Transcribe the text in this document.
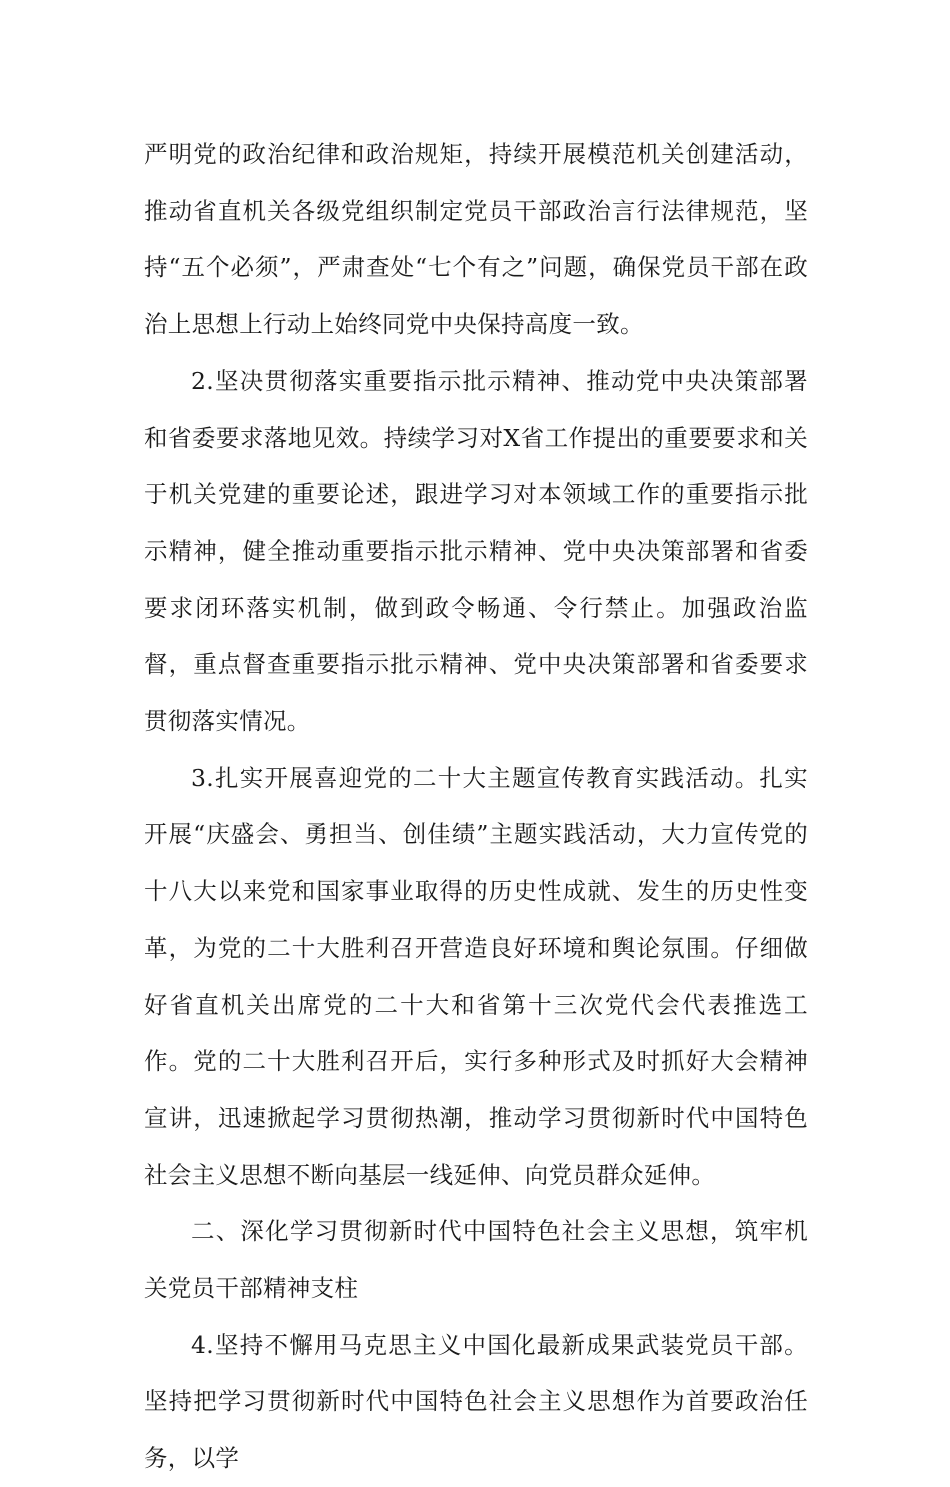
严明党的政治纪律和政治规矩，持续开展模范机关创建活动，推动省直机关各级党组织制定党员干部政治言行法律规范，坚持“五个必须”，严肃查处“七个有之”问题，确保党员干部在政治上思想上行动上始终同党中央保持高度一致。

2.坚决贯彻落实重要指示批示精神、推动党中央决策部署和省委要求落地见效。持续学习对X省工作提出的重要要求和关于机关党建的重要论述，跟进学习对本领域工作的重要指示批示精神，健全推动重要指示批示精神、党中央决策部署和省委要求闭环落实机制，做到政令畅通、令行禁止。加强政治监督，重点督查重要指示批示精神、党中央决策部署和省委要求贯彻落实情况。

3.扎实开展喜迎党的二十大主题宣传教育实践活动。扎实开展“庆盛会、勇担当、创佳绩”主题实践活动，大力宣传党的十八大以来党和国家事业取得的历史性成就、发生的历史性变革，为党的二十大胜利召开营造良好环境和舆论氛围。仔细做好省直机关出席党的二十大和省第十三次党代会代表推选工作。党的二十大胜利召开后，实行多种形式及时抓好大会精神宣讲，迅速掀起学习贯彻热潮，推动学习贯彻新时代中国特色社会主义思想不断向基层一线延伸、向党员群众延伸。

二、深化学习贯彻新时代中国特色社会主义思想，筑牢机关党员干部精神支柱

4.坚持不懈用马克思主义中国化最新成果武装党员干部。坚持把学习贯彻新时代中国特色社会主义思想作为首要政治任务，以学
